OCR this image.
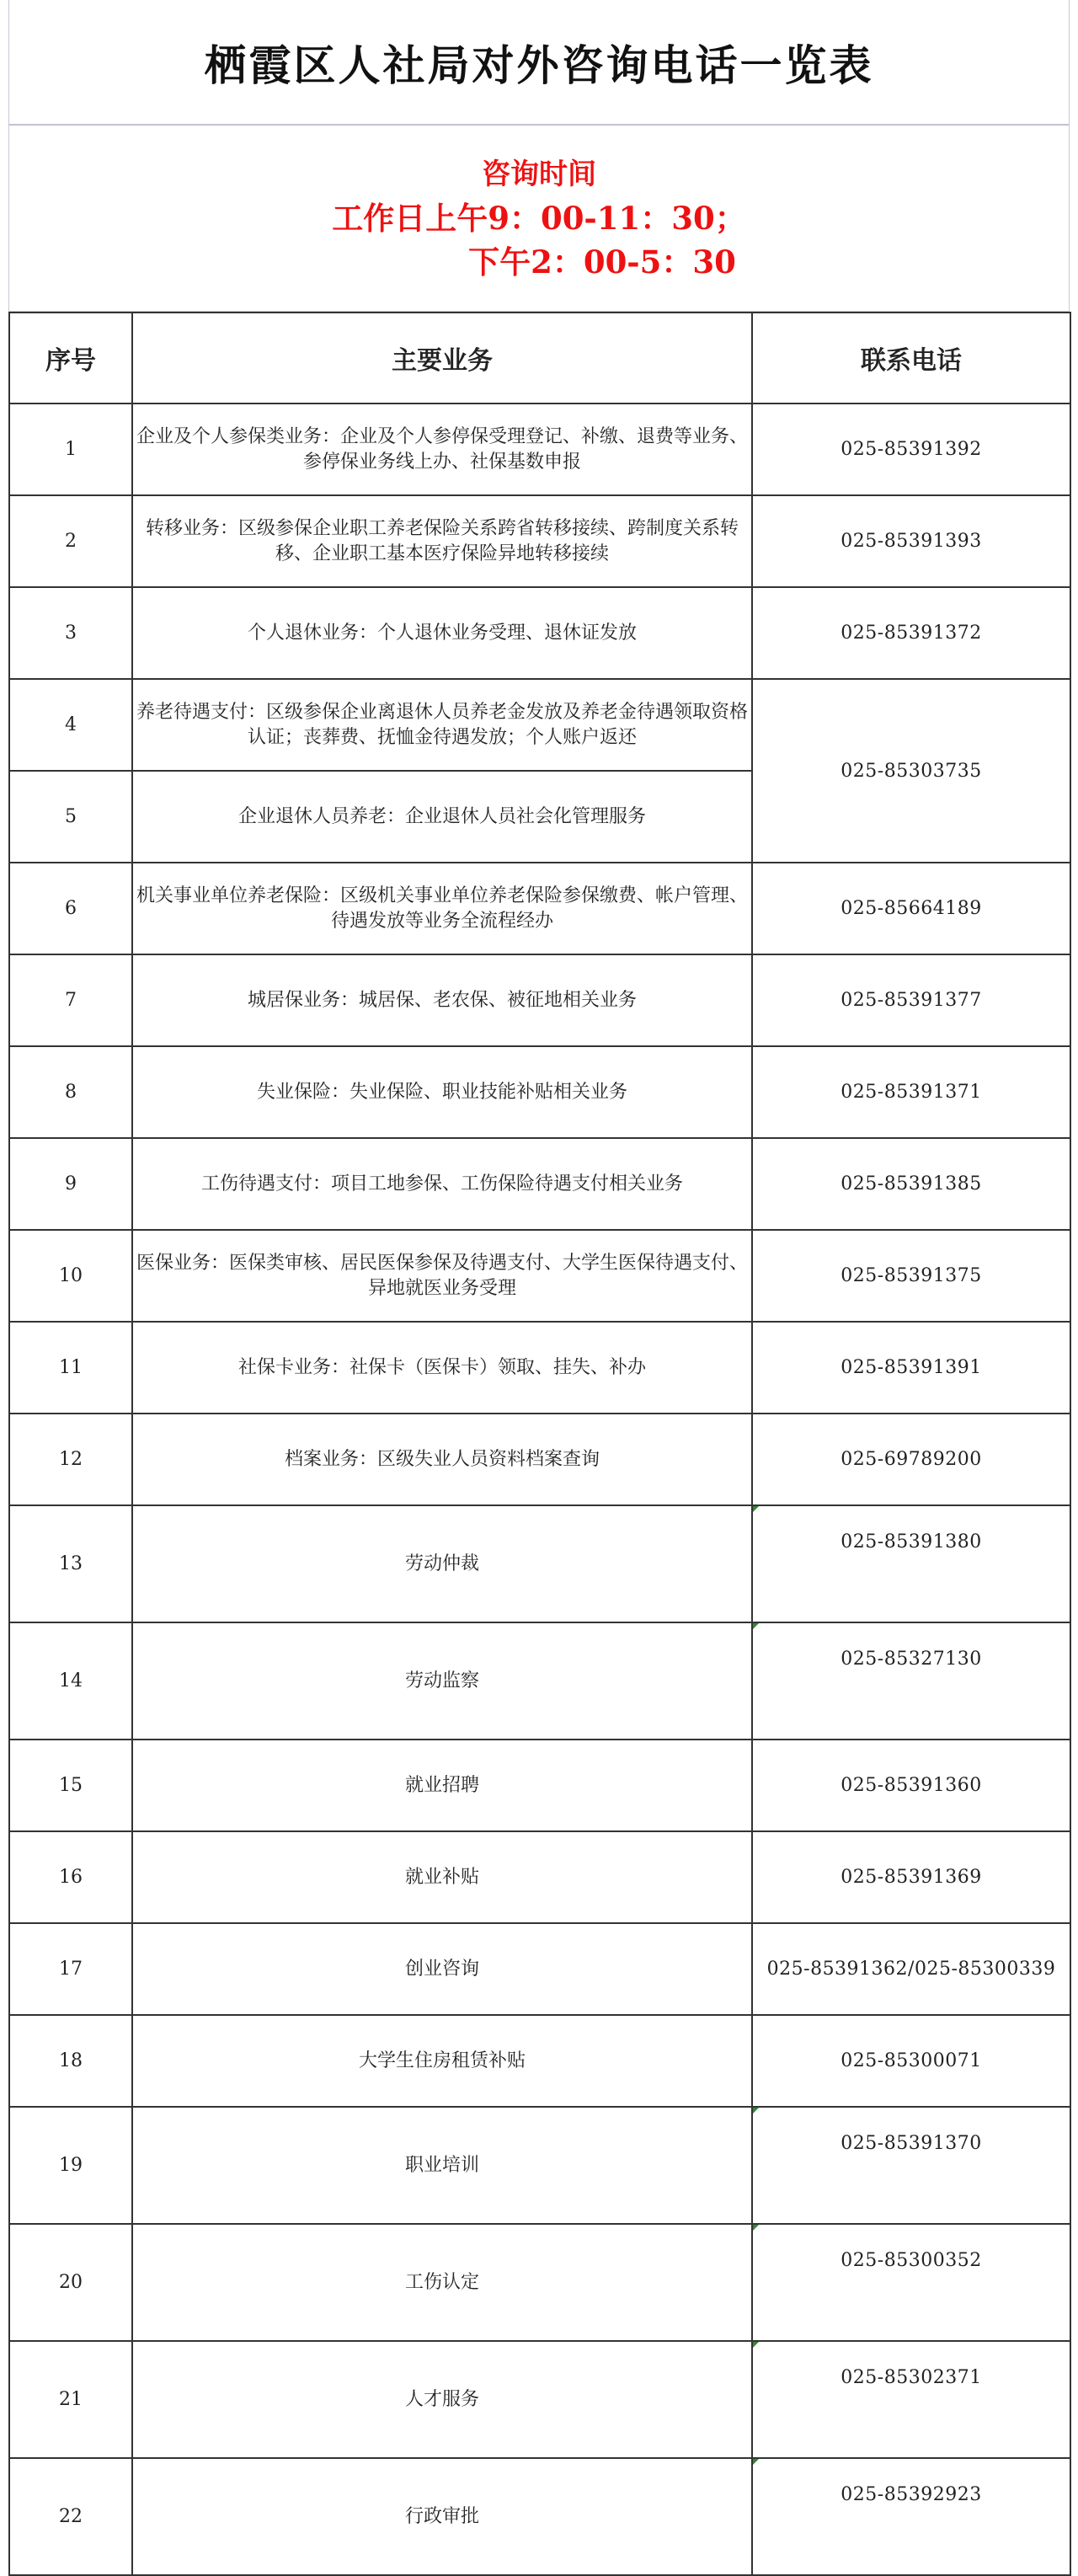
栖霞区人社局对外咨询电话一览表
咨询时间
工作日上午9：00-11：30；
下午2：00-5：30
序号	主要业务	联系电话
1	企业及个人参保类业务：企业及个人参停保受理登记、补缴、退费等业务、参停保业务线上办、社保基数申报	025-85391392
2	转移业务：区级参保企业职工养老保险关系跨省转移接续、跨制度关系转移、企业职工基本医疗保险异地转移接续	025-85391393
3	个人退休业务：个人退休业务受理、退休证发放	025-85391372
4	养老待遇支付：区级参保企业离退休人员养老金发放及养老金待遇领取资格认证；丧葬费、抚恤金待遇发放；个人账户返还	025-85303735
5	企业退休人员养老：企业退休人员社会化管理服务	
6	机关事业单位养老保险：区级机关事业单位养老保险参保缴费、帐户管理、待遇发放等业务全流程经办	025-85664189
7	城居保业务：城居保、老农保、被征地相关业务	025-85391377
8	失业保险：失业保险、职业技能补贴相关业务	025-85391371
9	工伤待遇支付：项目工地参保、工伤保险待遇支付相关业务	025-85391385
10	医保业务：医保类审核、居民医保参保及待遇支付、大学生医保待遇支付、异地就医业务受理	025-85391375
11	社保卡业务：社保卡（医保卡）领取、挂失、补办	025-85391391
12	档案业务：区级失业人员资料档案查询	025-69789200
13	劳动仲裁	025-85391380
14	劳动监察	025-85327130
15	就业招聘	025-85391360
16	就业补贴	025-85391369
17	创业咨询	025-85391362/025-85300339
18	大学生住房租赁补贴	025-85300071
19	职业培训	025-85391370
20	工伤认定	025-85300352
21	人才服务	025-85302371
22	行政审批	025-85392923
